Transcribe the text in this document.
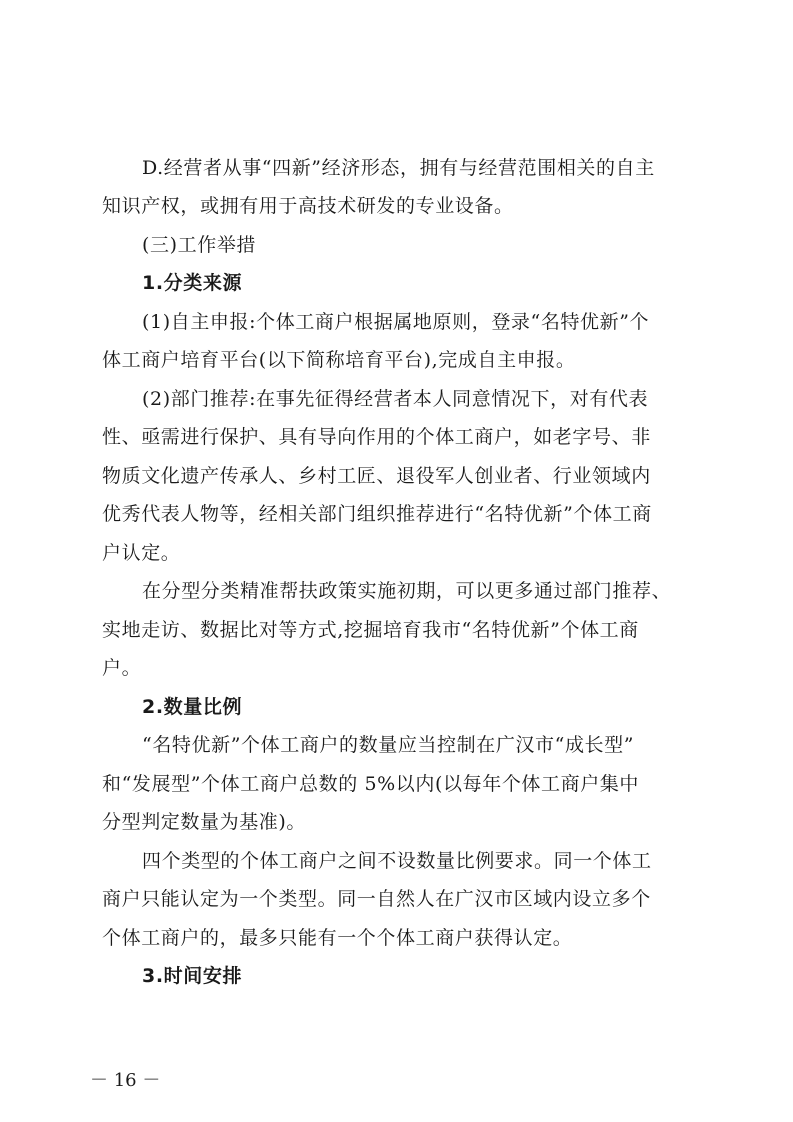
D.经营者从事“四新”经济形态，拥有与经营范围相关的自主
知识产权，或拥有用于高技术研发的专业设备。
(三)工作举措
1.分类来源
(1)自主申报:个体工商户根据属地原则，登录“名特优新”个
体工商户培育平台(以下简称培育平台),完成自主申报。
(2)部门推荐:在事先征得经营者本人同意情况下，对有代表
性、亟需进行保护、具有导向作用的个体工商户，如老字号、非
物质文化遗产传承人、乡村工匠、退役军人创业者、行业领域内
优秀代表人物等，经相关部门组织推荐进行“名特优新”个体工商
户认定。
在分型分类精准帮扶政策实施初期，可以更多通过部门推荐、
实地走访、数据比对等方式,挖掘培育我市“名特优新”个体工商
户。
2.数量比例
“名特优新”个体工商户的数量应当控制在广汉市“成长型”
和“发展型”个体工商户总数的 5%以内(以每年个体工商户集中
分型判定数量为基准)。
四个类型的个体工商户之间不设数量比例要求。同一个体工
商户只能认定为一个类型。同一自然人在广汉市区域内设立多个
个体工商户的，最多只能有一个个体工商户获得认定。
3.时间安排
－ 16 －
